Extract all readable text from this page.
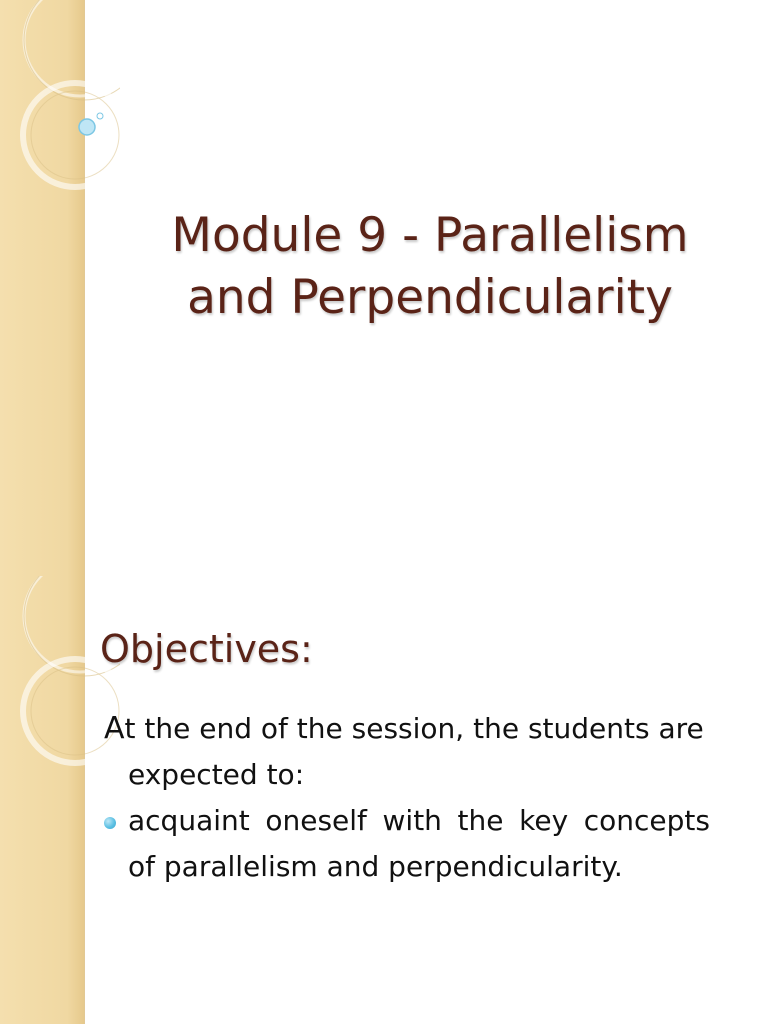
Module 9 - Parallelism and Perpendicularity
Objectives:
At the end of the session, the students are expected to:
acquaint oneself with the key concepts of parallelism and perpendicularity.
